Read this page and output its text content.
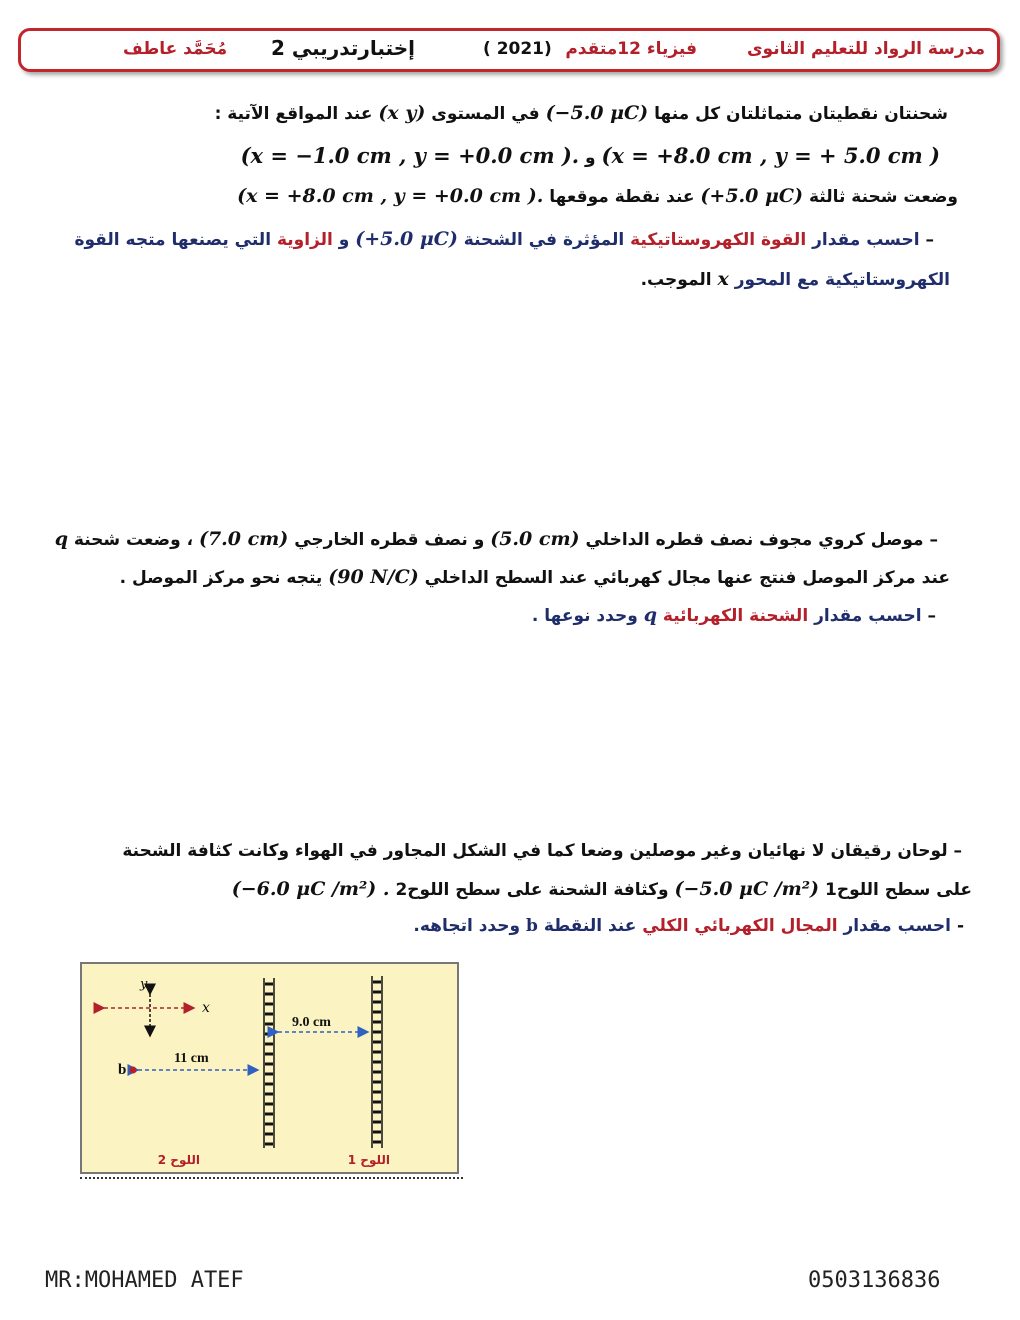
مدرسة الرواد للتعليم الثانوى
فيزياء 12متقدم
( 2021)
إختبارتدريبي 2
مُحَمَّد عاطف
شحنتان نقطيتان متماثلتان كل منها (−5.0 μC) في المستوى (x y) عند المواقع الآتية :
(x = +8.0 cm , y = + 5.0 cm ) و (x = −1.0 cm , y = +0.0 cm ).
وضعت شحنة ثالثة (+5.0 μC) عند نقطة موقعها (x = +8.0 cm , y = +0.0 cm ).
– احسب مقدار القوة الكهروستاتيكية المؤثرة في الشحنة (+5.0 μC) و الزاوية التي يصنعها متجه القوة
الكهروستاتيكية مع المحور x الموجب.
– موصل كروي مجوف نصف قطره الداخلي (5.0 cm) و نصف قطره الخارجي (7.0 cm) ، وضعت شحنة q
عند مركز الموصل فنتج عنها مجال كهربائي عند السطح الداخلي (90 N/C) يتجه نحو مركز الموصل .
– احسب مقدار الشحنة الكهربائية q وحدد نوعها .
– لوحان رقيقان لا نهائيان وغير موصلين وضعا كما في الشكل المجاور في الهواء وكانت كثافة الشحنة
على سطح اللوح1 (−5.0 μC /m²) وكثافة الشحنة على سطح اللوح2 (−6.0 μC /m²) .
- احسب مقدار المجال الكهربائي الكلي عند النقطة b وحدد اتجاهه.
y
x
9.0 cm
11 cm
b
اللوح 2	اللوح 1
MR:MOHAMED ATEF	0503136836
